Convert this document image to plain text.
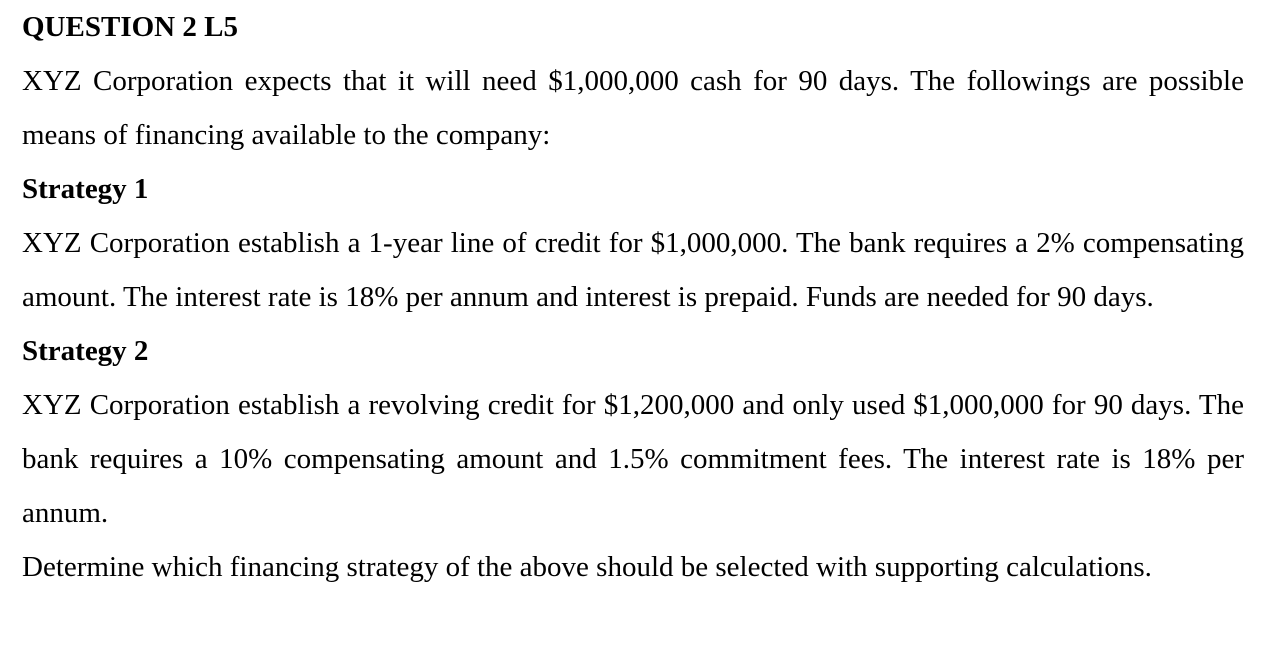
QUESTION 2 L5

XYZ Corporation expects that it will need $1,000,000 cash for 90 days. The followings are possible means of financing available to the company:

Strategy 1

XYZ Corporation establish a 1-year line of credit for $1,000,000. The bank requires a 2% compensating amount. The interest rate is 18% per annum and interest is prepaid. Funds are needed for 90 days.

Strategy 2

XYZ Corporation establish a revolving credit for $1,200,000 and only used $1,000,000 for 90 days. The bank requires a 10% compensating amount and 1.5% commitment fees. The interest rate is 18% per annum.

Determine which financing strategy of the above should be selected with supporting calculations.
